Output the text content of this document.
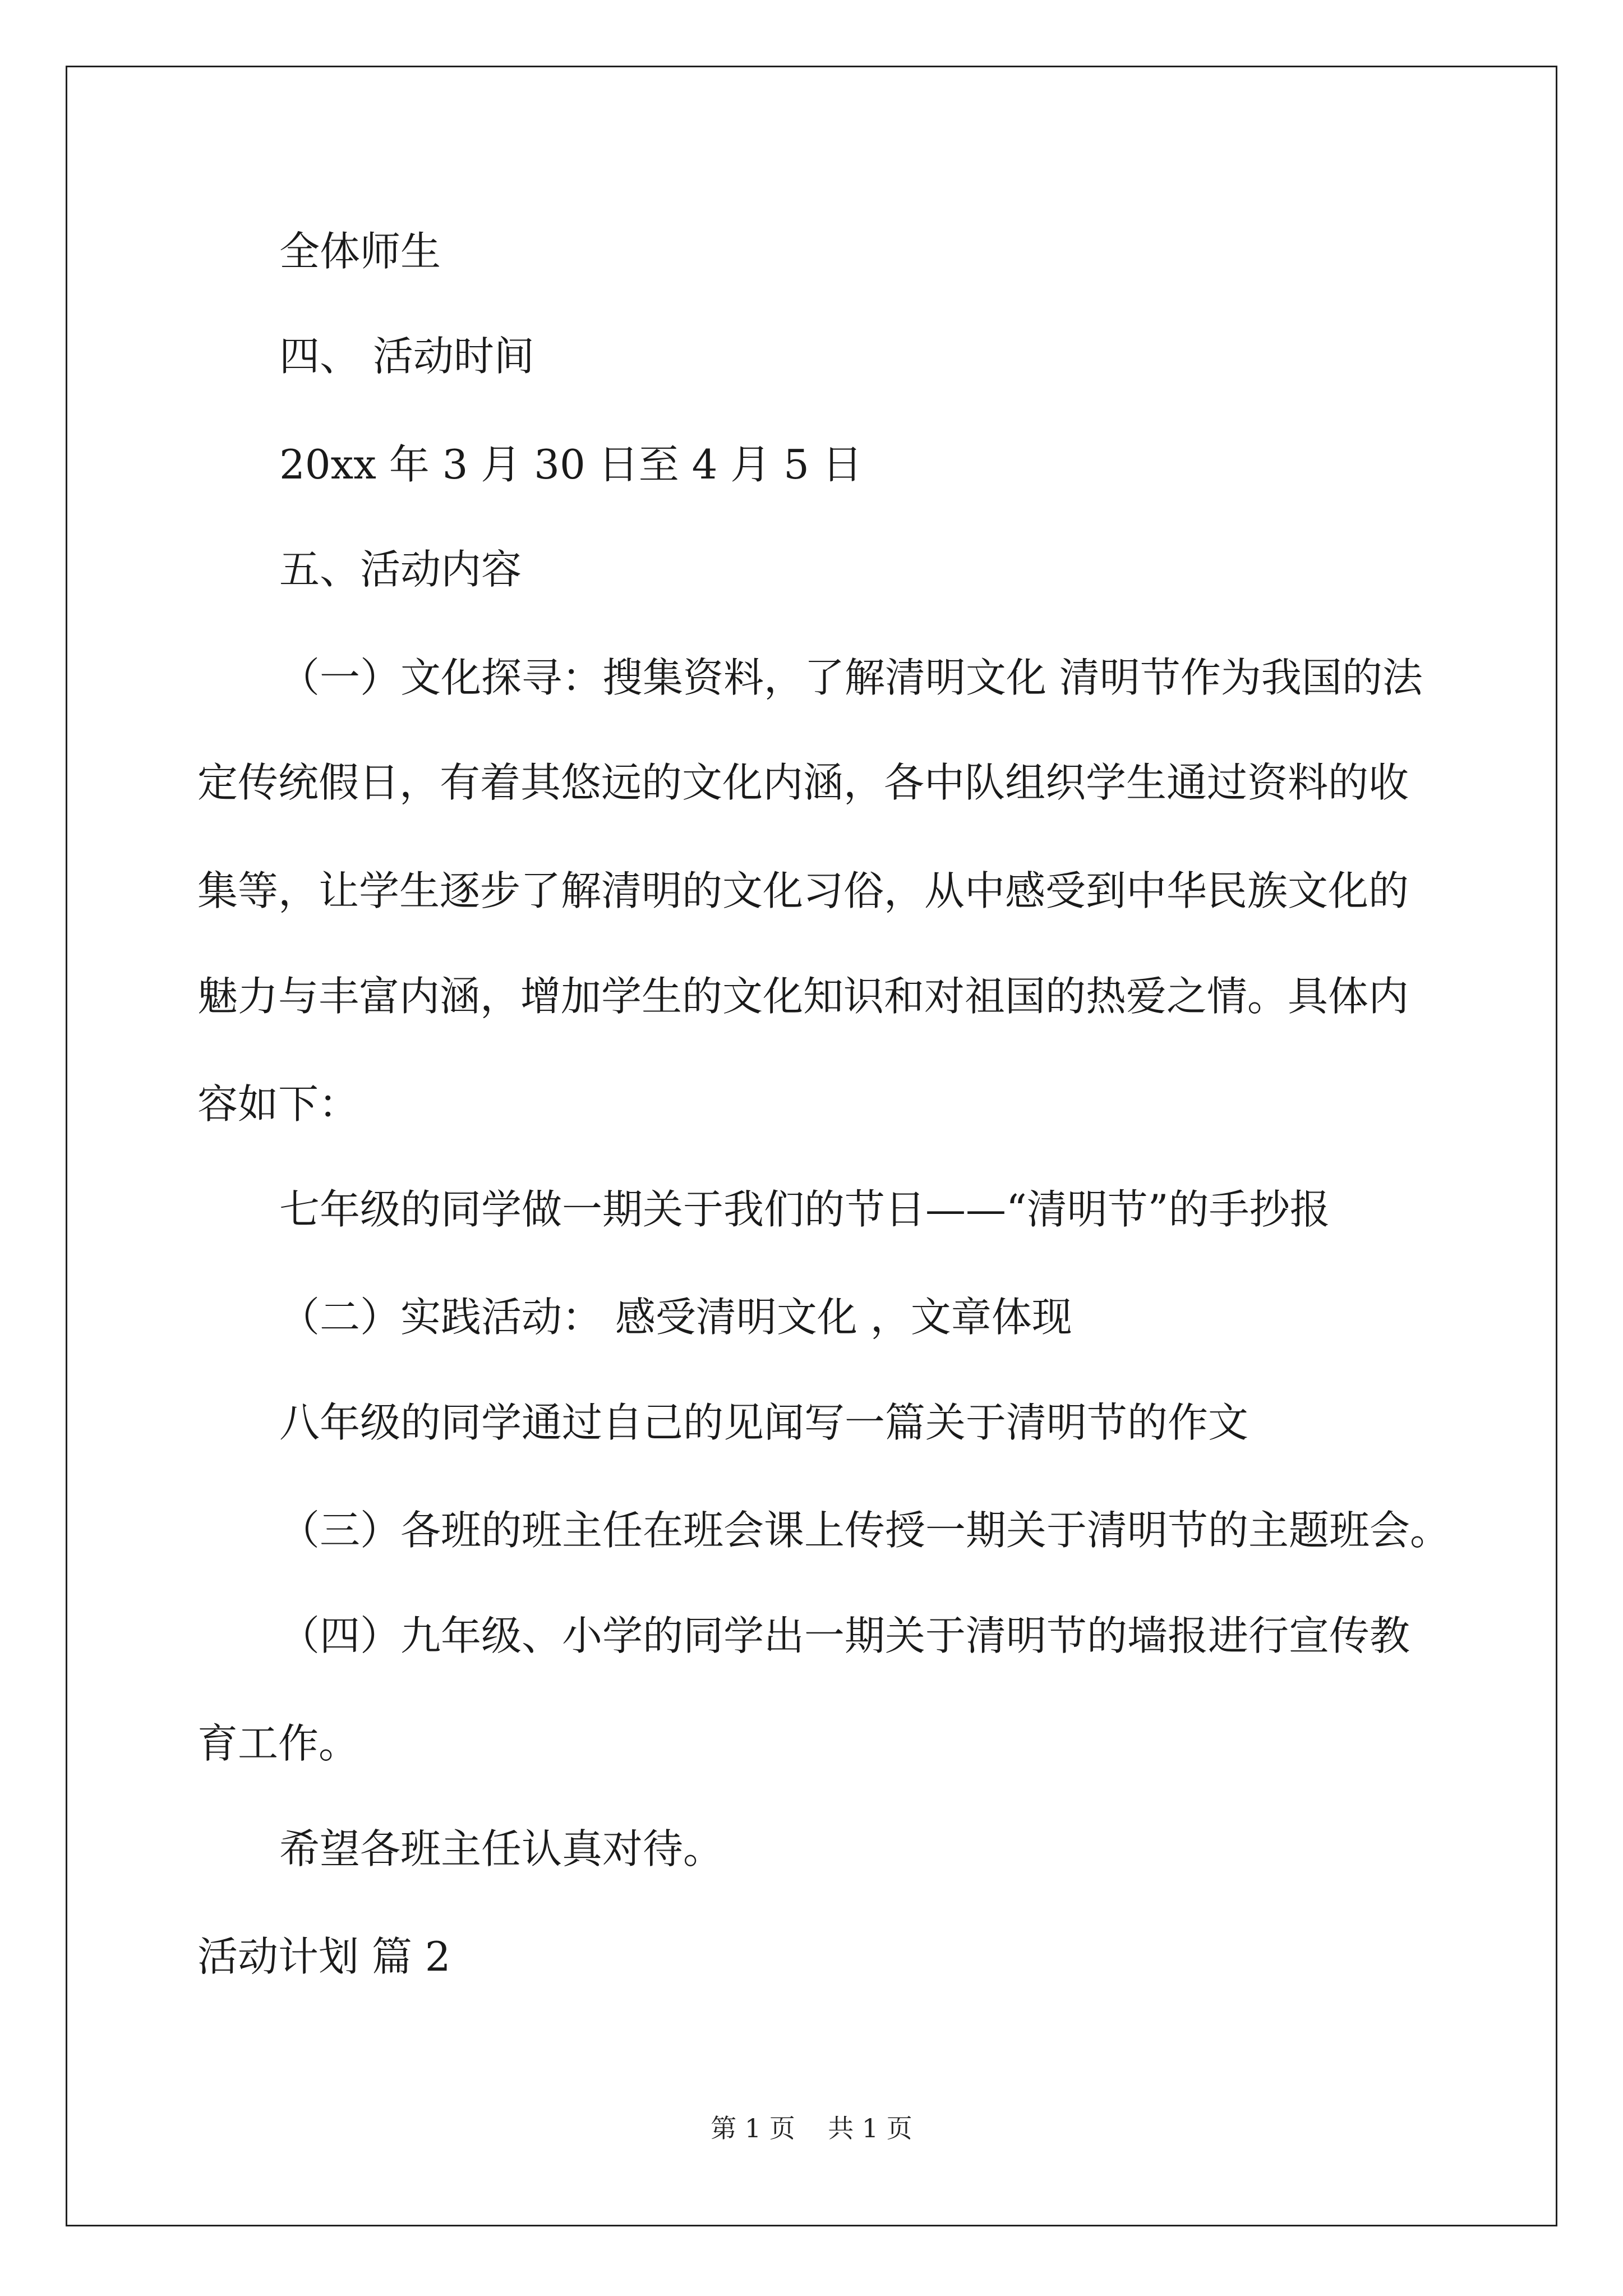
全体师生
四、 活动时间
20xx 年 3 月 30 日至 4 月 5 日
五、活动内容
（一）文化探寻：搜集资料，了解清明文化 清明节作为我国的法
定传统假日，有着其悠远的文化内涵，各中队组织学生通过资料的收
集等，让学生逐步了解清明的文化习俗，从中感受到中华民族文化的
魅力与丰富内涵，增加学生的文化知识和对祖国的热爱之情。具体内
容如下：
七年级的同学做一期关于我们的节日——“清明节”的手抄报
（二）实践活动： 感受清明文化 ，文章体现
八年级的同学通过自己的见闻写一篇关于清明节的作文
（三）各班的班主任在班会课上传授一期关于清明节的主题班会。
（四）九年级、小学的同学出一期关于清明节的墙报进行宣传教
育工作。
希望各班主任认真对待。
活动计划 篇 2
第 1 页 共 1 页
